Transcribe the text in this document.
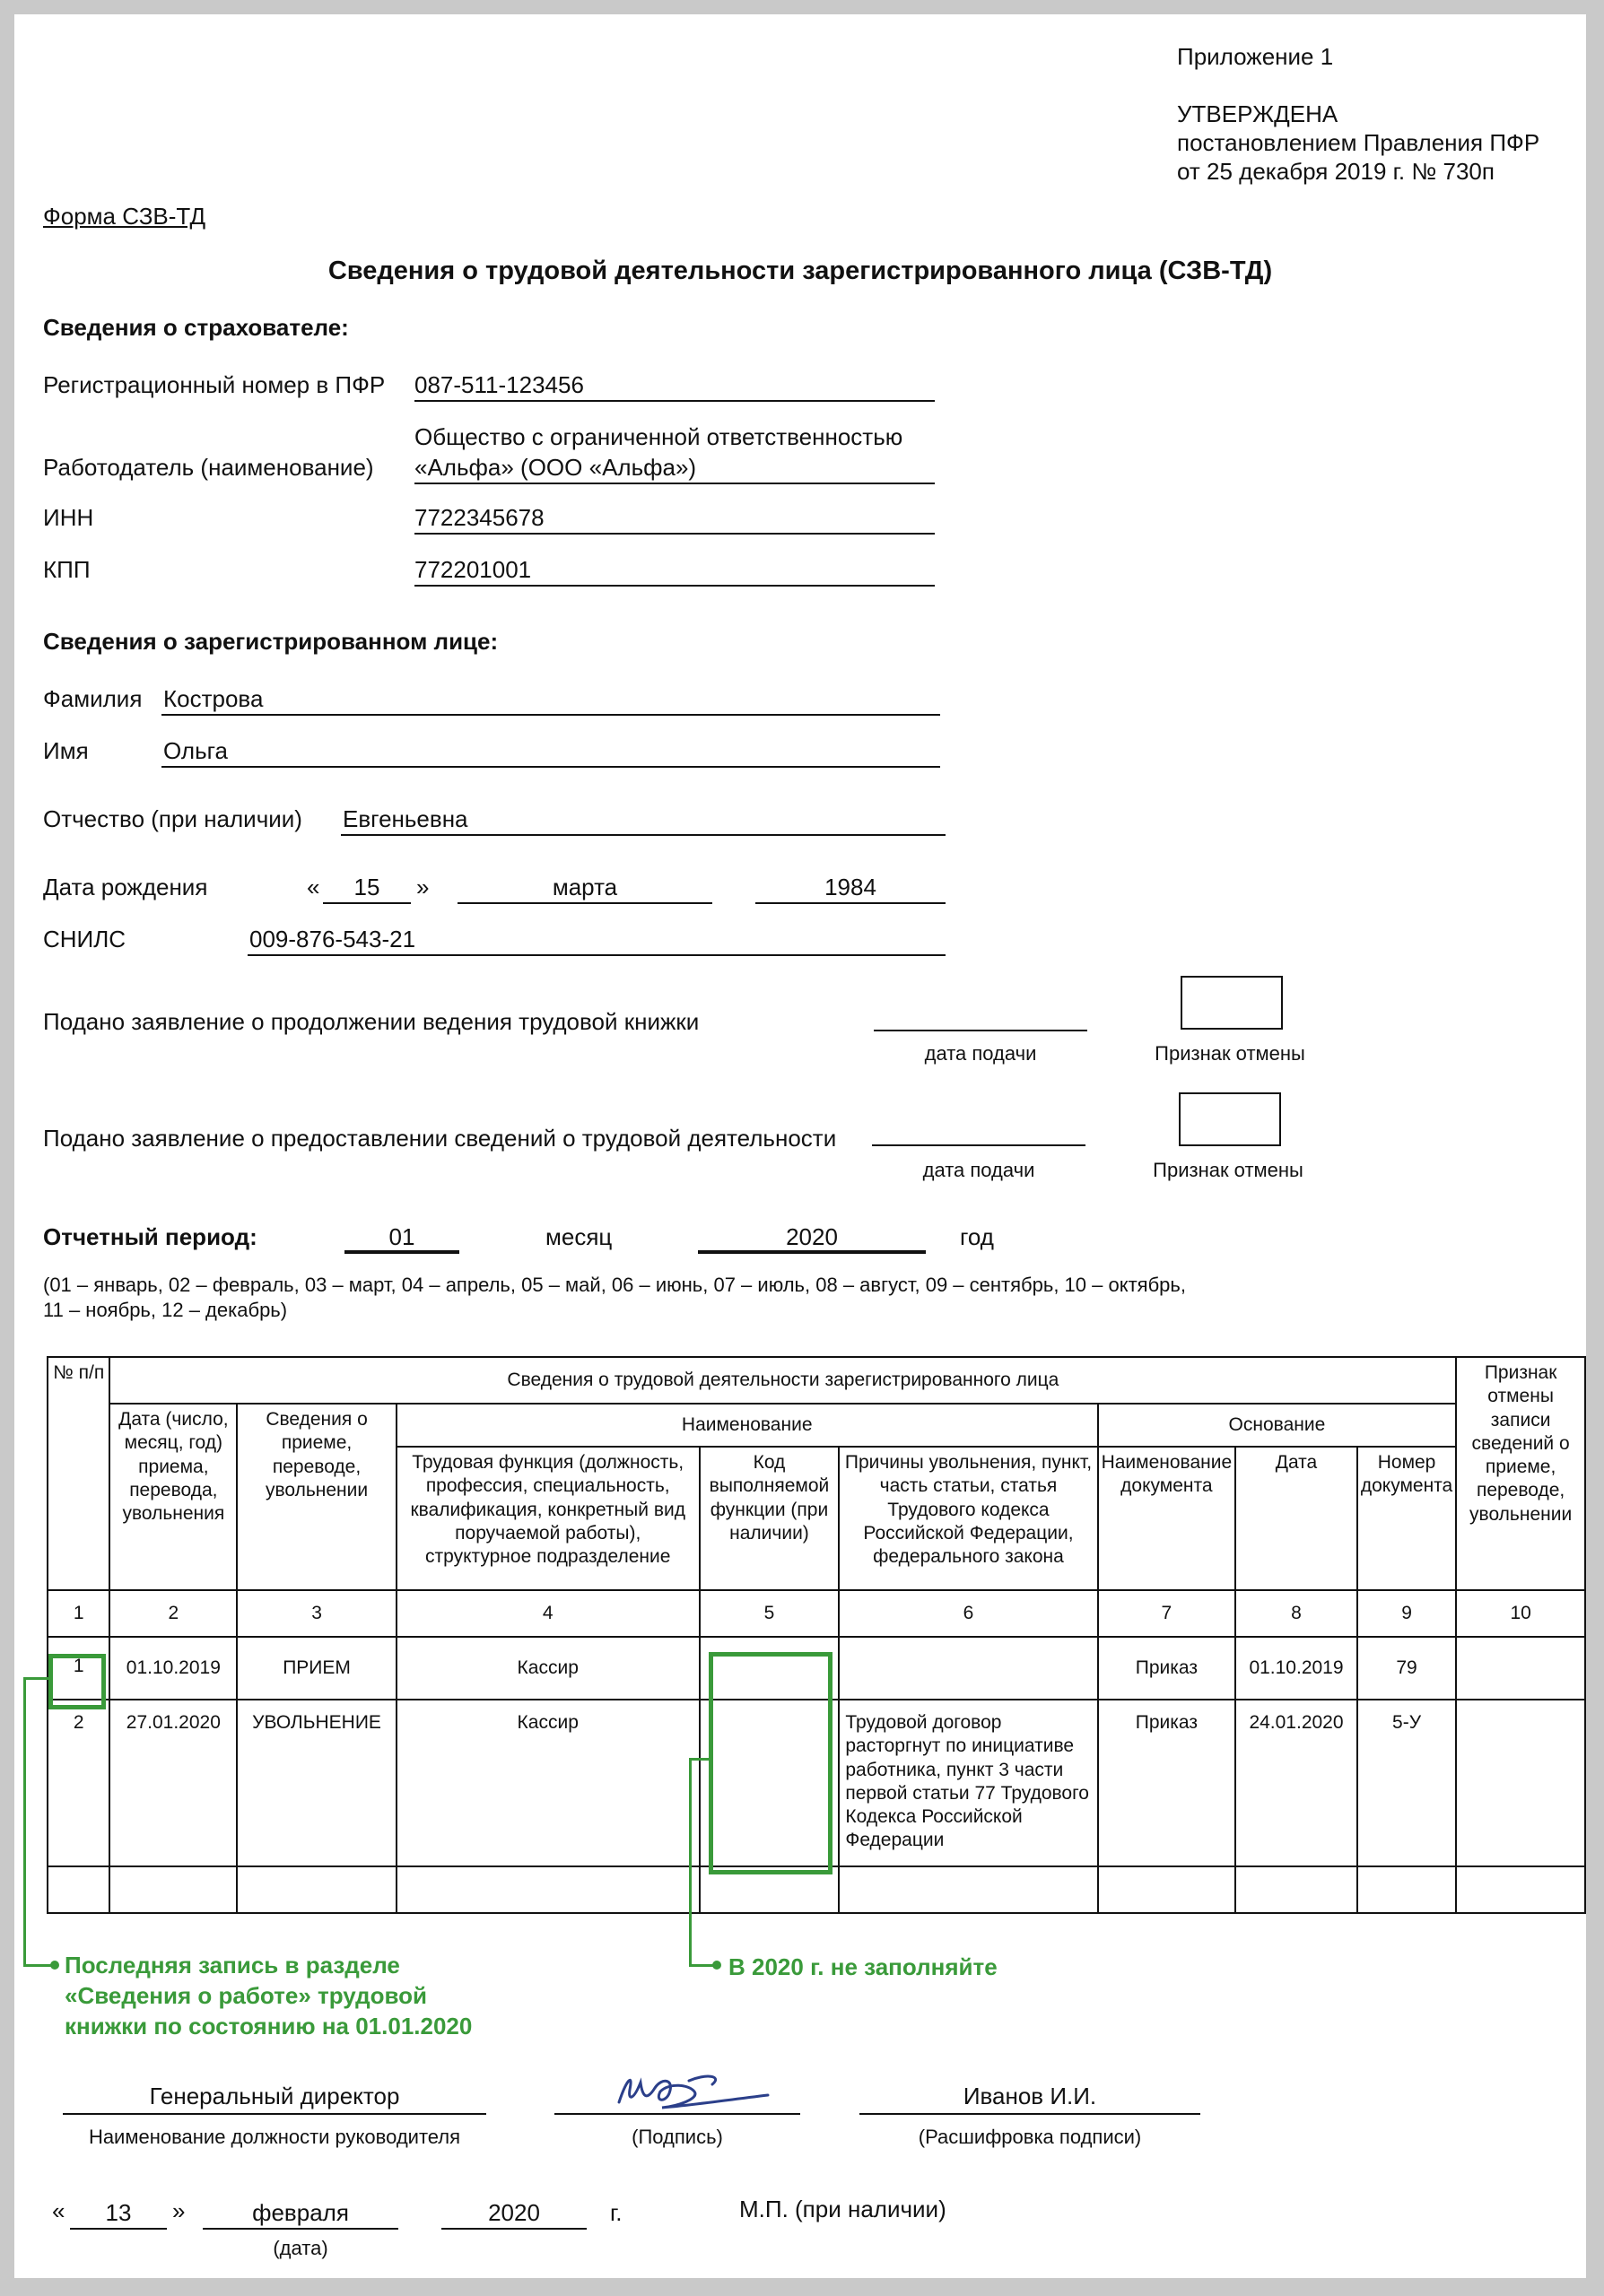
Приложение 1
УТВЕРЖДЕНА
постановлением Правления ПФР
от 25 декабря 2019 г. № 730п
Форма СЗВ-ТД
Сведения о трудовой деятельности зарегистрированного лица (СЗВ-ТД)
Сведения о страхователе:
Регистрационный номер в ПФР 087-511-123456
Общество с ограниченной ответственностью
Работодатель (наименование) «Альфа» (ООО «Альфа»)
ИНН	7722345678
КПП	772201001
Сведения о зарегистрированном лице:
Фамилия Кострова
Имя	Ольга
Отчество (при наличии) Евгеньевна
Дата рождения	«	15	»	марта	1984
СНИЛС	009-876-543-21
Подано заявление о продолжении ведения трудовой книжки
дата подачи	Признак отмены
Подано заявление о предоставлении сведений о трудовой деятельности
дата подачи	Признак отмены
Отчетный период:	01	месяц	2020	год
(01 – январь, 02 – февраль, 03 – март, 04 – апрель, 05 – май, 06 – июнь, 07 – июль, 08 – август, 09 – сентябрь, 10 – октябрь,
11 – ноябрь, 12 – декабрь)
№ п/п	Сведения о трудовой деятельности зарегистрированного лица								Признак отмены записи сведений о приеме, переводе, увольнении
	Дата (число, месяц, год) приема, перевода, увольнения	Сведения о приеме, переводе, увольнении	Наименование			Основание			
			Трудовая функция (должность, профессия, специальность, квалификация, конкретный вид поручаемой работы), структурное подразделение	Код выполняемой функции (при наличии)	Причины увольнения, пункт, часть статьи, статья Трудового кодекса Российской Федерации, федерального закона	Наименование документа	Дата	Номер документа	
1	2	3	4	5	6	7	8	9	10
1	01.10.2019	ПРИЕМ	Кассир			Приказ	01.10.2019	79	
2	27.01.2020	УВОЛЬНЕНИЕ	Кассир		Трудовой договор расторгнут по инициативе работника, пункт 3 части первой статьи 77 Трудового Кодекса Российской Федерации	Приказ	24.01.2020	5-У	

Последняя запись в разделе
«Сведения о работе» трудовой
книжки по состоянию на 01.01.2020
В 2020 г. не заполняйте
Генеральный директор
Наименование должности руководителя	(Подпись)
Иванов И.И.
(Расшифровка подписи)
«	13	»	февраля
(дата)
2020	г.	М.П. (при наличии)
